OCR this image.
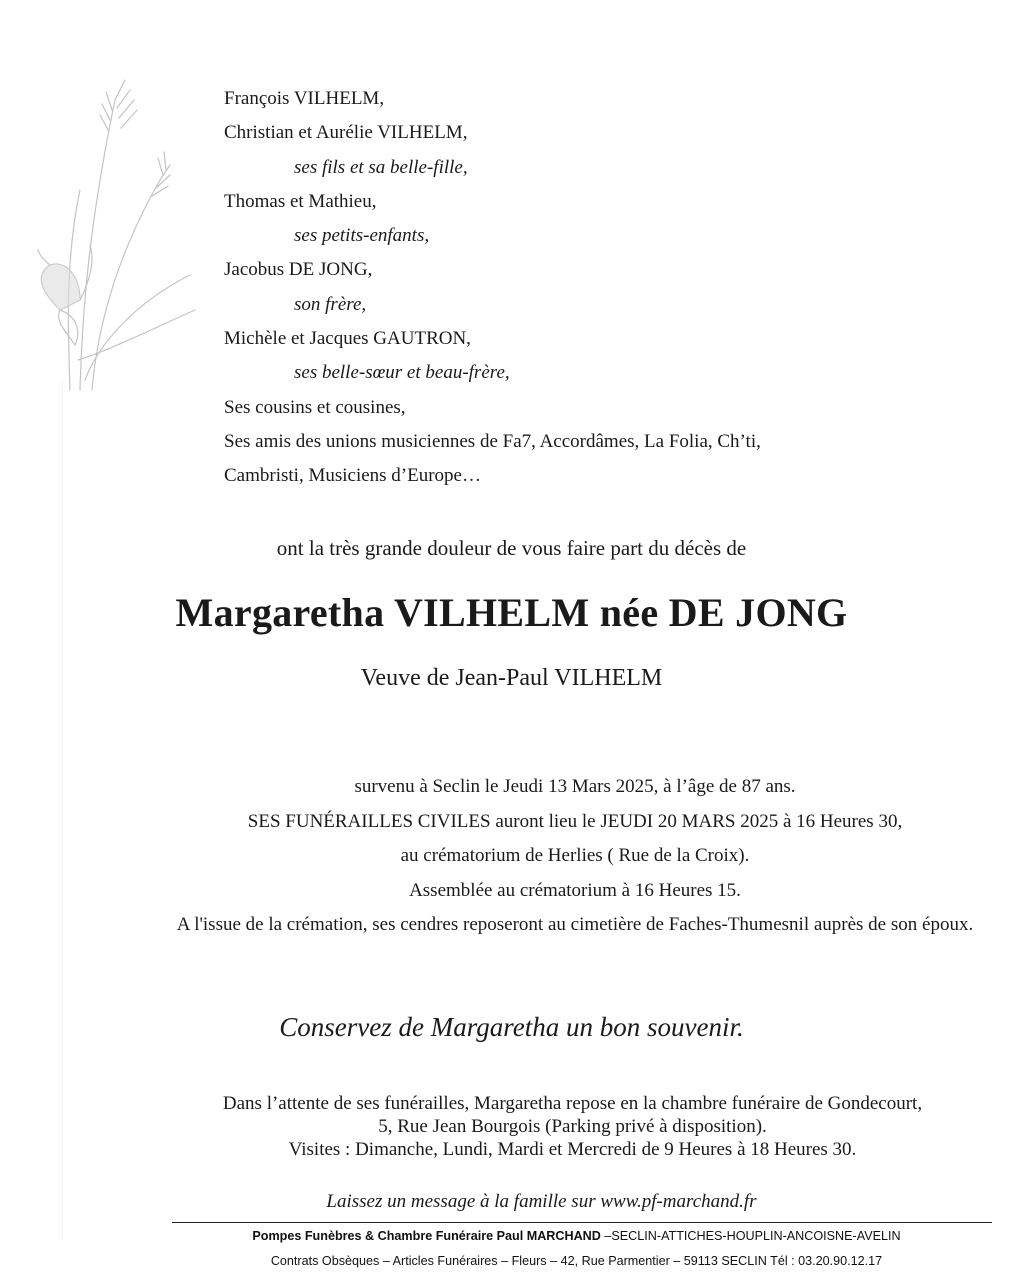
François VILHELM,
Christian et Aurélie VILHELM,
ses fils et sa belle-fille,
Thomas et Mathieu,
ses petits-enfants,
Jacobus DE JONG,
son frère,
Michèle et Jacques GAUTRON,
ses belle-sœur et beau-frère,
Ses cousins et cousines,
Ses amis des unions musiciennes de Fa7, Accordâmes, La Folia, Ch’ti,
Cambristi, Musiciens d’Europe…
ont la très grande douleur de vous faire part du décès de
Margaretha VILHELM née DE JONG
Veuve de Jean-Paul VILHELM
survenu à Seclin le Jeudi 13 Mars 2025, à l’âge de 87 ans.
SES FUNÉRAILLES CIVILES auront lieu le JEUDI 20 MARS 2025 à 16 Heures 30,
au crématorium de Herlies ( Rue de la Croix).
Assemblée au crématorium à 16 Heures 15.
A l'issue de la crémation, ses cendres reposeront au cimetière de Faches-Thumesnil auprès de son époux.
Conservez de Margaretha un bon souvenir.
Dans l’attente de ses funérailles, Margaretha repose en la chambre funéraire de Gondecourt,
5, Rue Jean Bourgois (Parking privé à disposition).
Visites : Dimanche, Lundi, Mardi et Mercredi de 9 Heures à 18 Heures 30.
Laissez un message à la famille sur www.pf-marchand.fr
Pompes Funèbres & Chambre Funéraire Paul MARCHAND –SECLIN-ATTICHES-HOUPLIN-ANCOISNE-AVELIN
Contrats Obsèques – Articles Funéraires – Fleurs – 42, Rue Parmentier – 59113 SECLIN Tél : 03.20.90.12.17
